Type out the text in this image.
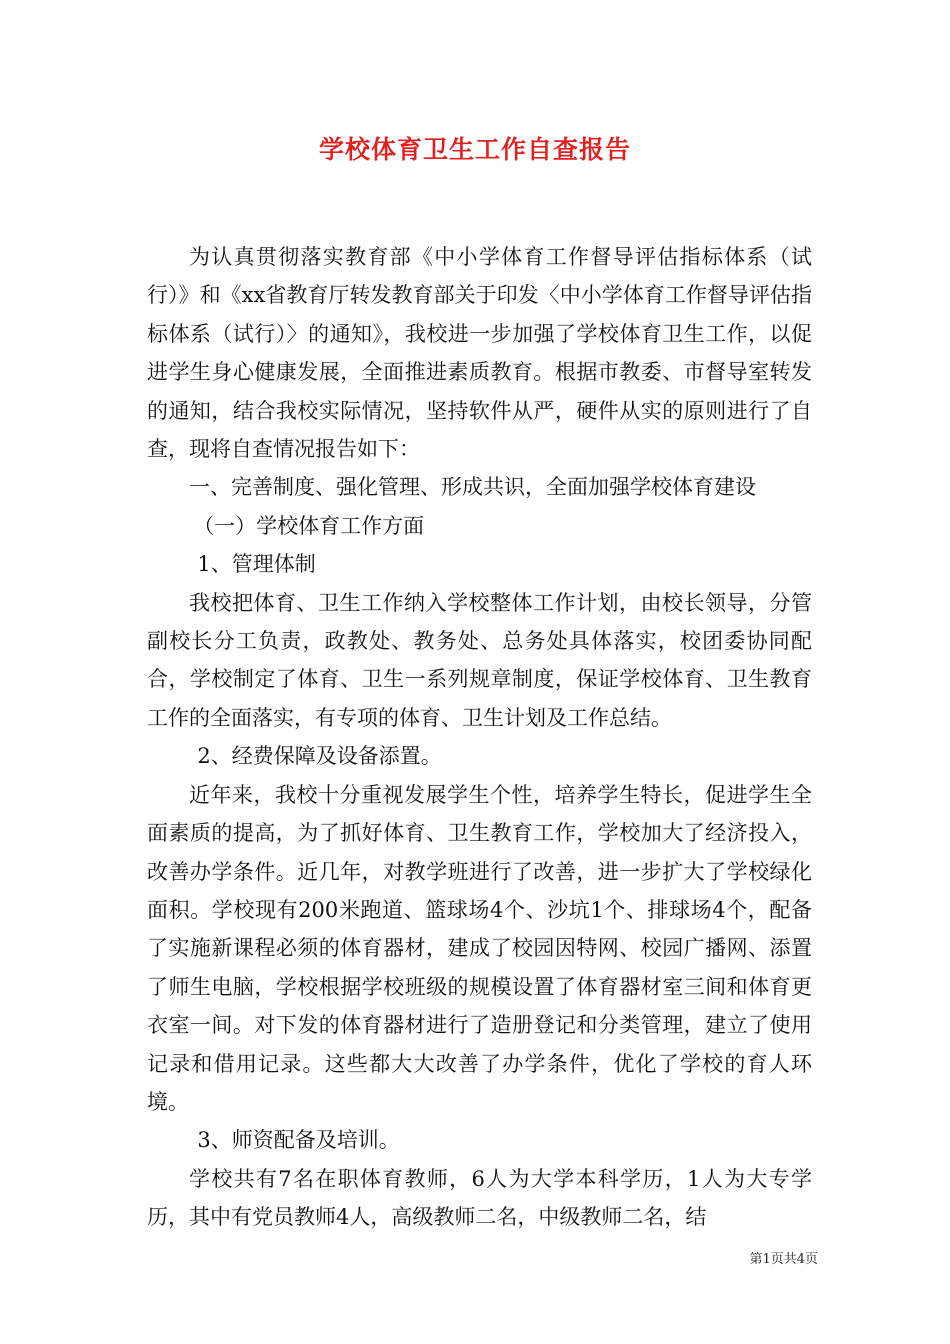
学校体育卫生工作自查报告

为认真贯彻落实教育部《中小学体育工作督导评估指标体系（试行）》和《xx省教育厅转发教育部关于印发〈中小学体育工作督导评估指标体系（试行）〉的通知》，我校进一步加强了学校体育卫生工作，以促进学生身心健康发展，全面推进素质教育。根据市教委、市督导室转发的通知，结合我校实际情况，坚持软件从严，硬件从实的原则进行了自查，现将自查情况报告如下：

一、完善制度、强化管理、形成共识，全面加强学校体育建设

（一）学校体育工作方面

1、管理体制

我校把体育、卫生工作纳入学校整体工作计划，由校长领导，分管副校长分工负责，政教处、教务处、总务处具体落实，校团委协同配合，学校制定了体育、卫生一系列规章制度，保证学校体育、卫生教育工作的全面落实，有专项的体育、卫生计划及工作总结。

2、经费保障及设备添置。

近年来，我校十分重视发展学生个性，培养学生特长，促进学生全面素质的提高，为了抓好体育、卫生教育工作，学校加大了经济投入，改善办学条件。近几年，对教学班进行了改善，进一步扩大了学校绿化面积。学校现有200米跑道、篮球场4个、沙坑1个、排球场4个，配备了实施新课程必须的体育器材，建成了校园因特网、校园广播网、添置了师生电脑，学校根据学校班级的规模设置了体育器材室三间和体育更衣室一间。对下发的体育器材进行了造册登记和分类管理，建立了使用记录和借用记录。这些都大大改善了办学条件，优化了学校的育人环境。

3、师资配备及培训。

学校共有7名在职体育教师，6人为大学本科学历，1人为大专学历，其中有党员教师4人，高级教师二名，中级教师二名，结

第1页共4页
